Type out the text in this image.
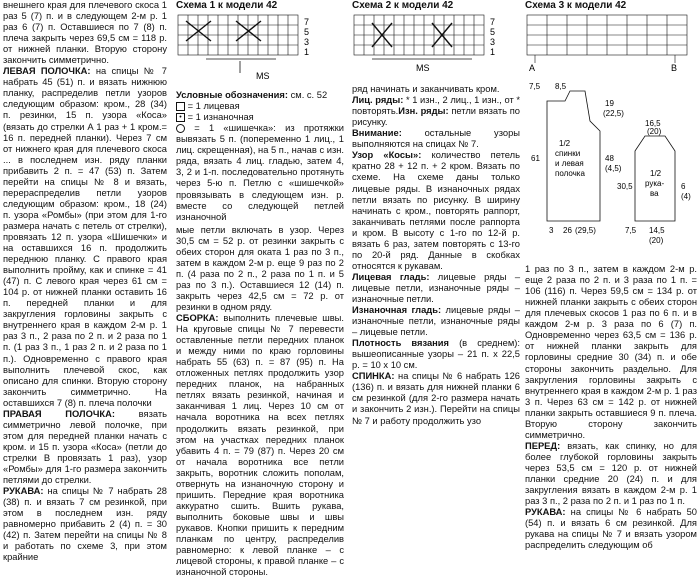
внешнего края для плечевого скоса 1 раз 5 (7) п. и в следующем 2-м р. 1 раз 6 (7) п. Оставшиеся по 7 (8) п. плеча закрыть через 69,5 см = 118 р. от нижней планки. Вторую сторону закончить симметрично.

ЛЕВАЯ ПОЛОЧКА: на спицы № 7 набрать 45 (51) п. и вязать нижнюю планку, распределив петли узоров следующим образом: кром., 28 (34) п. резинки, 15 п. узора «Коса» (вязать до стрелки А 1 раз + 1 кром.= 16 п. передней планки). Через 7 см от нижнего края для плечевого скоса ... в последнем изн. ряду планки прибавить 2 п. = 47 (53) п. Затем перейти на спицы № 8 и вязать, перераспределив петли узоров следующим образом: кром., 18 (24) п. узора «Ромбы» (при этом для 1-го размера начать с петель от стрелки), провязать 12 п. узора «Шишечки» и на оставшихся 16 п. продолжить переднюю планку. С правого края выполнить пройму, как и спинке = 41 (47) п. С левого края через 61 см = 104 р. от нижней планки оставить 16 п. передней планки и для закругления горловины закрыть с внутреннего края в каждом 2-м р. 1 раз 3 п., 2 раза по 2 п. и 2 раза по 1 п. (1 раз 3 п., 1 раз 2 п. и 2 раза по 1 п.). Одновременно с правого края выполнить плечевой скос, как описано для спинки. Вторую сторону закончить симметрично. На оставшихся 7 (8) п. плеча полочки

ПРАВАЯ ПОЛОЧКА: вязать симметрично левой полочке, при этом для передней планки начать с кром. и 15 п. узора «Коса» (петли до стрелки В провязать 1 раз), узор «Ромбы» для 1-го размера закончить петлями до стрелки.

РУКАВА: на спицы № 7 набрать 28 (38) п. и вязать 7 см резинкой, при этом в последнем изн. ряду равномерно прибавить 2 (4) п. = 30 (42) п. Затем перейти на спицы № 8 и работать по схеме 3, при этом крайние

Схема 1 к модели 42
7
5
3
1
MS
Условные обозначения: см. с. 52
= 1 лицевая
• = 1 изнаночная
= 1 «шишечка»: из протяжки вывязать 5 п. (попеременно 1 лиц., 1 лиц. скрещенная), на 5 п., начав с изн. ряда, вязать 4 лиц. гладью, затем 4, 3, 2 и 1-п. последовательно протянуть через 5-ю п. Петлю с «шишечкой» провязывать в следующем изн. р. вместе со следующей петлей изнаночной

мые петли включать в узор. Через 30,5 см = 52 р. от резинки закрыть с обеих сторон для оката 1 раз по 3 п., затем в каждом 2-м р. еще 9 раз по 2 п. (4 раза по 2 п., 2 раза по 1 п. и 5 раз по 3 п.). Оставшиеся 12 (14) п. закрыть через 42,5 см = 72 р. от резинки в одном ряду.

СБОРКА: выполнить плечевые швы. На круговые спицы № 7 перевести оставленные петли передних планок и между ними по краю горловины набрать 55 (63) п. = 87 (95) п. На отложенных петлях продолжить узор передних планок, на набранных петлях вязать резинкой, начиная и заканчивая 1 лиц. Через 10 см от начала воротника на всех петлях продолжить вязать резинкой, при этом на участках передних планок убавить 4 п. = 79 (87) п. Через 20 см от начала воротника все петли закрыть, воротник сложить пополам, отвернуть на изнаночную сторону и пришить. Передние края воротника аккуратно сшить. Вшить рукава, выполнить боковые швы и швы рукавов. Кнопки пришить к передним планкам по центру, распределив равномерно: к левой планке – с лицевой стороны, к правой планке – с изнаночной стороны.

Схема 2 к модели 42
7
5
3
1
MS

ряд начинать и заканчивать кром.

Лиц. ряды: * 1 изн., 2 лиц., 1 изн., от * повторять.Изн. ряды: петли вязать по рисунку.

Внимание: остальные узоры выполняются на спицах № 7.

Узор «Косы»: количество петель кратно 28 + 12 п. + 2 кром. Вязать по схеме. На схеме даны только лицевые ряды. В изнаночных рядах петли вязать по рисунку. В ширину начинать с кром., повторять раппорт, заканчивать петлями после раппорта и кром. В высоту с 1-го по 12-й р. вязать 6 раз, затем повторять с 13-го по 20-й ряд. Данные в скобках относятся к рукавам.

Лицевая гладь: лицевые ряды – лицевые петли, изнаночные ряды – изнаночные петли.

Изнаночная гладь: лицевые ряды – изнаночные петли, изнаночные ряды – лицевые петли.

Плотность вязания (в среднем): вышеописанные узоры – 21 п. х 22,5 р. = 10 х 10 см.

СПИНКА: на спицы № 6 набрать 126 (136) п. и вязать для нижней планки 6 см резинкой (для 2-го размера начать и закончить 2 изн.). Перейти на спицы № 7 и работу продолжить узо

Схема 3 к модели 42
A	B
1/2
спинки
и левая
полочка
61	48
(4,5)
19
(22,5)
26 (29,5)
3
7,5 8,5
1/2
рука-
ва
16,5
(20)
30,5
14,5
(20)
7,5
6
(4)

1 раз по 3 п., затем в каждом 2-м р. еще 2 раза по 2 п. и 3 раза по 1 п. = 106 (116) п. Через 59,5 см = 134 р. от нижней планки закрыть с обеих сторон для плечевых скосов 1 раз по 6 п. и в каждом 2-м р. 3 раза по 6 (7) п. Одновременно через 63,5 см = 136 р. от нижней планки закрыть для горловины средние 30 (34) п. и обе стороны закончить раздельно. Для закругления горловины закрыть с внутреннего края в каждом 2-м р. 1 раз 3 п. Через 63 см = 142 р. от нижней планки закрыть оставшиеся 9 п. плеча. Вторую сторону закончить симметрично.

ПЕРЕД: вязать, как спинку, но для более глубокой горловины закрыть через 53,5 см = 120 р. от нижней планки средние 20 (24) п. и для закругления вязать в каждом 2-м р. 1 раз 3 п., 2 раза по 2 п. и 1 раз по 1 п.

РУКАВА: на спицы № 6 набрать 50 (54) п. и вязать 6 см резинкой. Для рукава на спицы № 7 и вязать узором распределить следующим об
